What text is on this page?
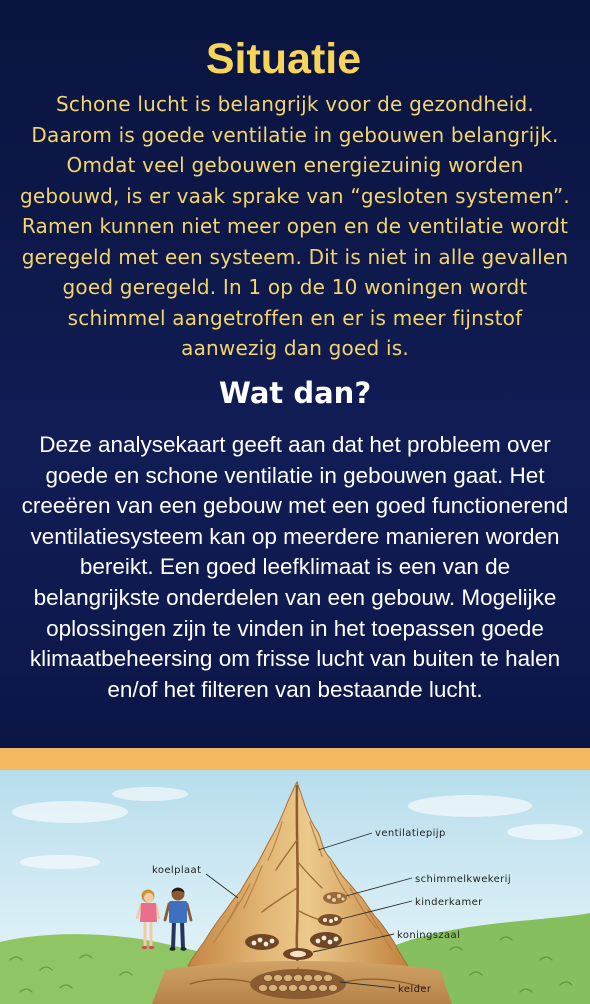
Situatie
Schone lucht is belangrijk voor de gezondheid.
Daarom is goede ventilatie in gebouwen belangrijk.
Omdat veel gebouwen energiezuinig worden
gebouwd, is er vaak sprake van “gesloten systemen”.
Ramen kunnen niet meer open en de ventilatie wordt
geregeld met een systeem. Dit is niet in alle gevallen
goed geregeld. In 1 op de 10 woningen wordt
schimmel aangetroffen en er is meer fijnstof
aanwezig dan goed is.
Wat dan?
Deze analysekaart geeft aan dat het probleem over
goede en schone ventilatie in gebouwen gaat. Het
creeëren van een gebouw met een goed functionerend
ventilatiesysteem kan op meerdere manieren worden
bereikt. Een goed leefklimaat is een van de
belangrijkste onderdelen van een gebouw. Mogelijke
oplossingen zijn te vinden in het toepassen goede
klimaatbeheersing om frisse lucht van buiten te halen
en/of het filteren van bestaande lucht.
ventilatiepijp
koelplaat
schimmelkwekerij
kinderkamer
koningszaal
kelder
